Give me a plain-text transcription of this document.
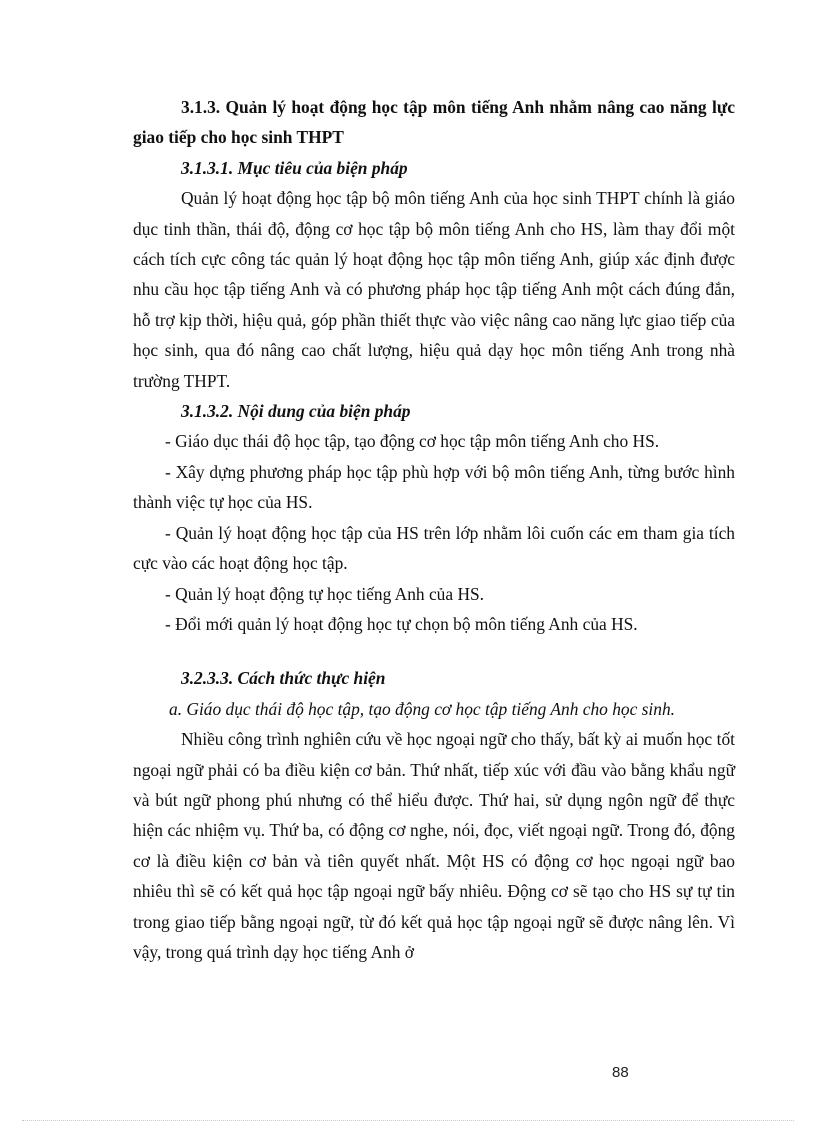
3.1.3. Quản lý hoạt động học tập môn tiếng Anh nhằm nâng cao năng lực giao tiếp cho học sinh THPT

3.1.3.1. Mục tiêu của biện pháp

Quản lý hoạt động học tập bộ môn tiếng Anh của học sinh THPT chính là giáo dục tinh thần, thái độ, động cơ học tập bộ môn tiếng Anh cho HS, làm thay đổi một cách tích cực công tác quản lý hoạt động học tập môn tiếng Anh, giúp xác định được nhu cầu học tập tiếng Anh và có phương pháp học tập tiếng Anh một cách đúng đắn, hỗ trợ kịp thời, hiệu quả, góp phần thiết thực vào việc nâng cao năng lực giao tiếp của học sinh, qua đó nâng cao chất lượng, hiệu quả dạy học môn tiếng Anh trong nhà trường THPT.

3.1.3.2. Nội dung của biện pháp

- Giáo dục thái độ học tập, tạo động cơ học tập môn tiếng Anh cho HS.

- Xây dựng phương pháp học tập phù hợp với bộ môn tiếng Anh, từng bước hình thành việc tự học của HS.

- Quản lý hoạt động học tập của HS trên lớp nhằm lôi cuốn các em tham gia tích cực vào các hoạt động học tập.

- Quản lý hoạt động tự học tiếng Anh của HS.

- Đổi mới quản lý hoạt động học tự chọn bộ môn tiếng Anh của HS.

3.2.3.3. Cách thức thực hiện

a. Giáo dục thái độ học tập, tạo động cơ học tập tiếng Anh cho học sinh.

Nhiều công trình nghiên cứu về học ngoại ngữ cho thấy, bất kỳ ai muốn học tốt ngoại ngữ phải có ba điều kiện cơ bản. Thứ nhất, tiếp xúc với đầu vào bằng khẩu ngữ và bút ngữ phong phú nhưng có thể hiểu được. Thứ hai, sử dụng ngôn ngữ để thực hiện các nhiệm vụ. Thứ ba, có động cơ nghe, nói, đọc, viết ngoại ngữ. Trong đó, động cơ là điều kiện cơ bản và tiên quyết nhất. Một HS có động cơ học ngoại ngữ bao nhiêu thì sẽ có kết quả học tập ngoại ngữ bấy nhiêu. Động cơ sẽ tạo cho HS sự tự tin trong giao tiếp bằng ngoại ngữ, từ đó kết quả học tập ngoại ngữ sẽ được nâng lên. Vì vậy, trong quá trình dạy học tiếng Anh ở

88
